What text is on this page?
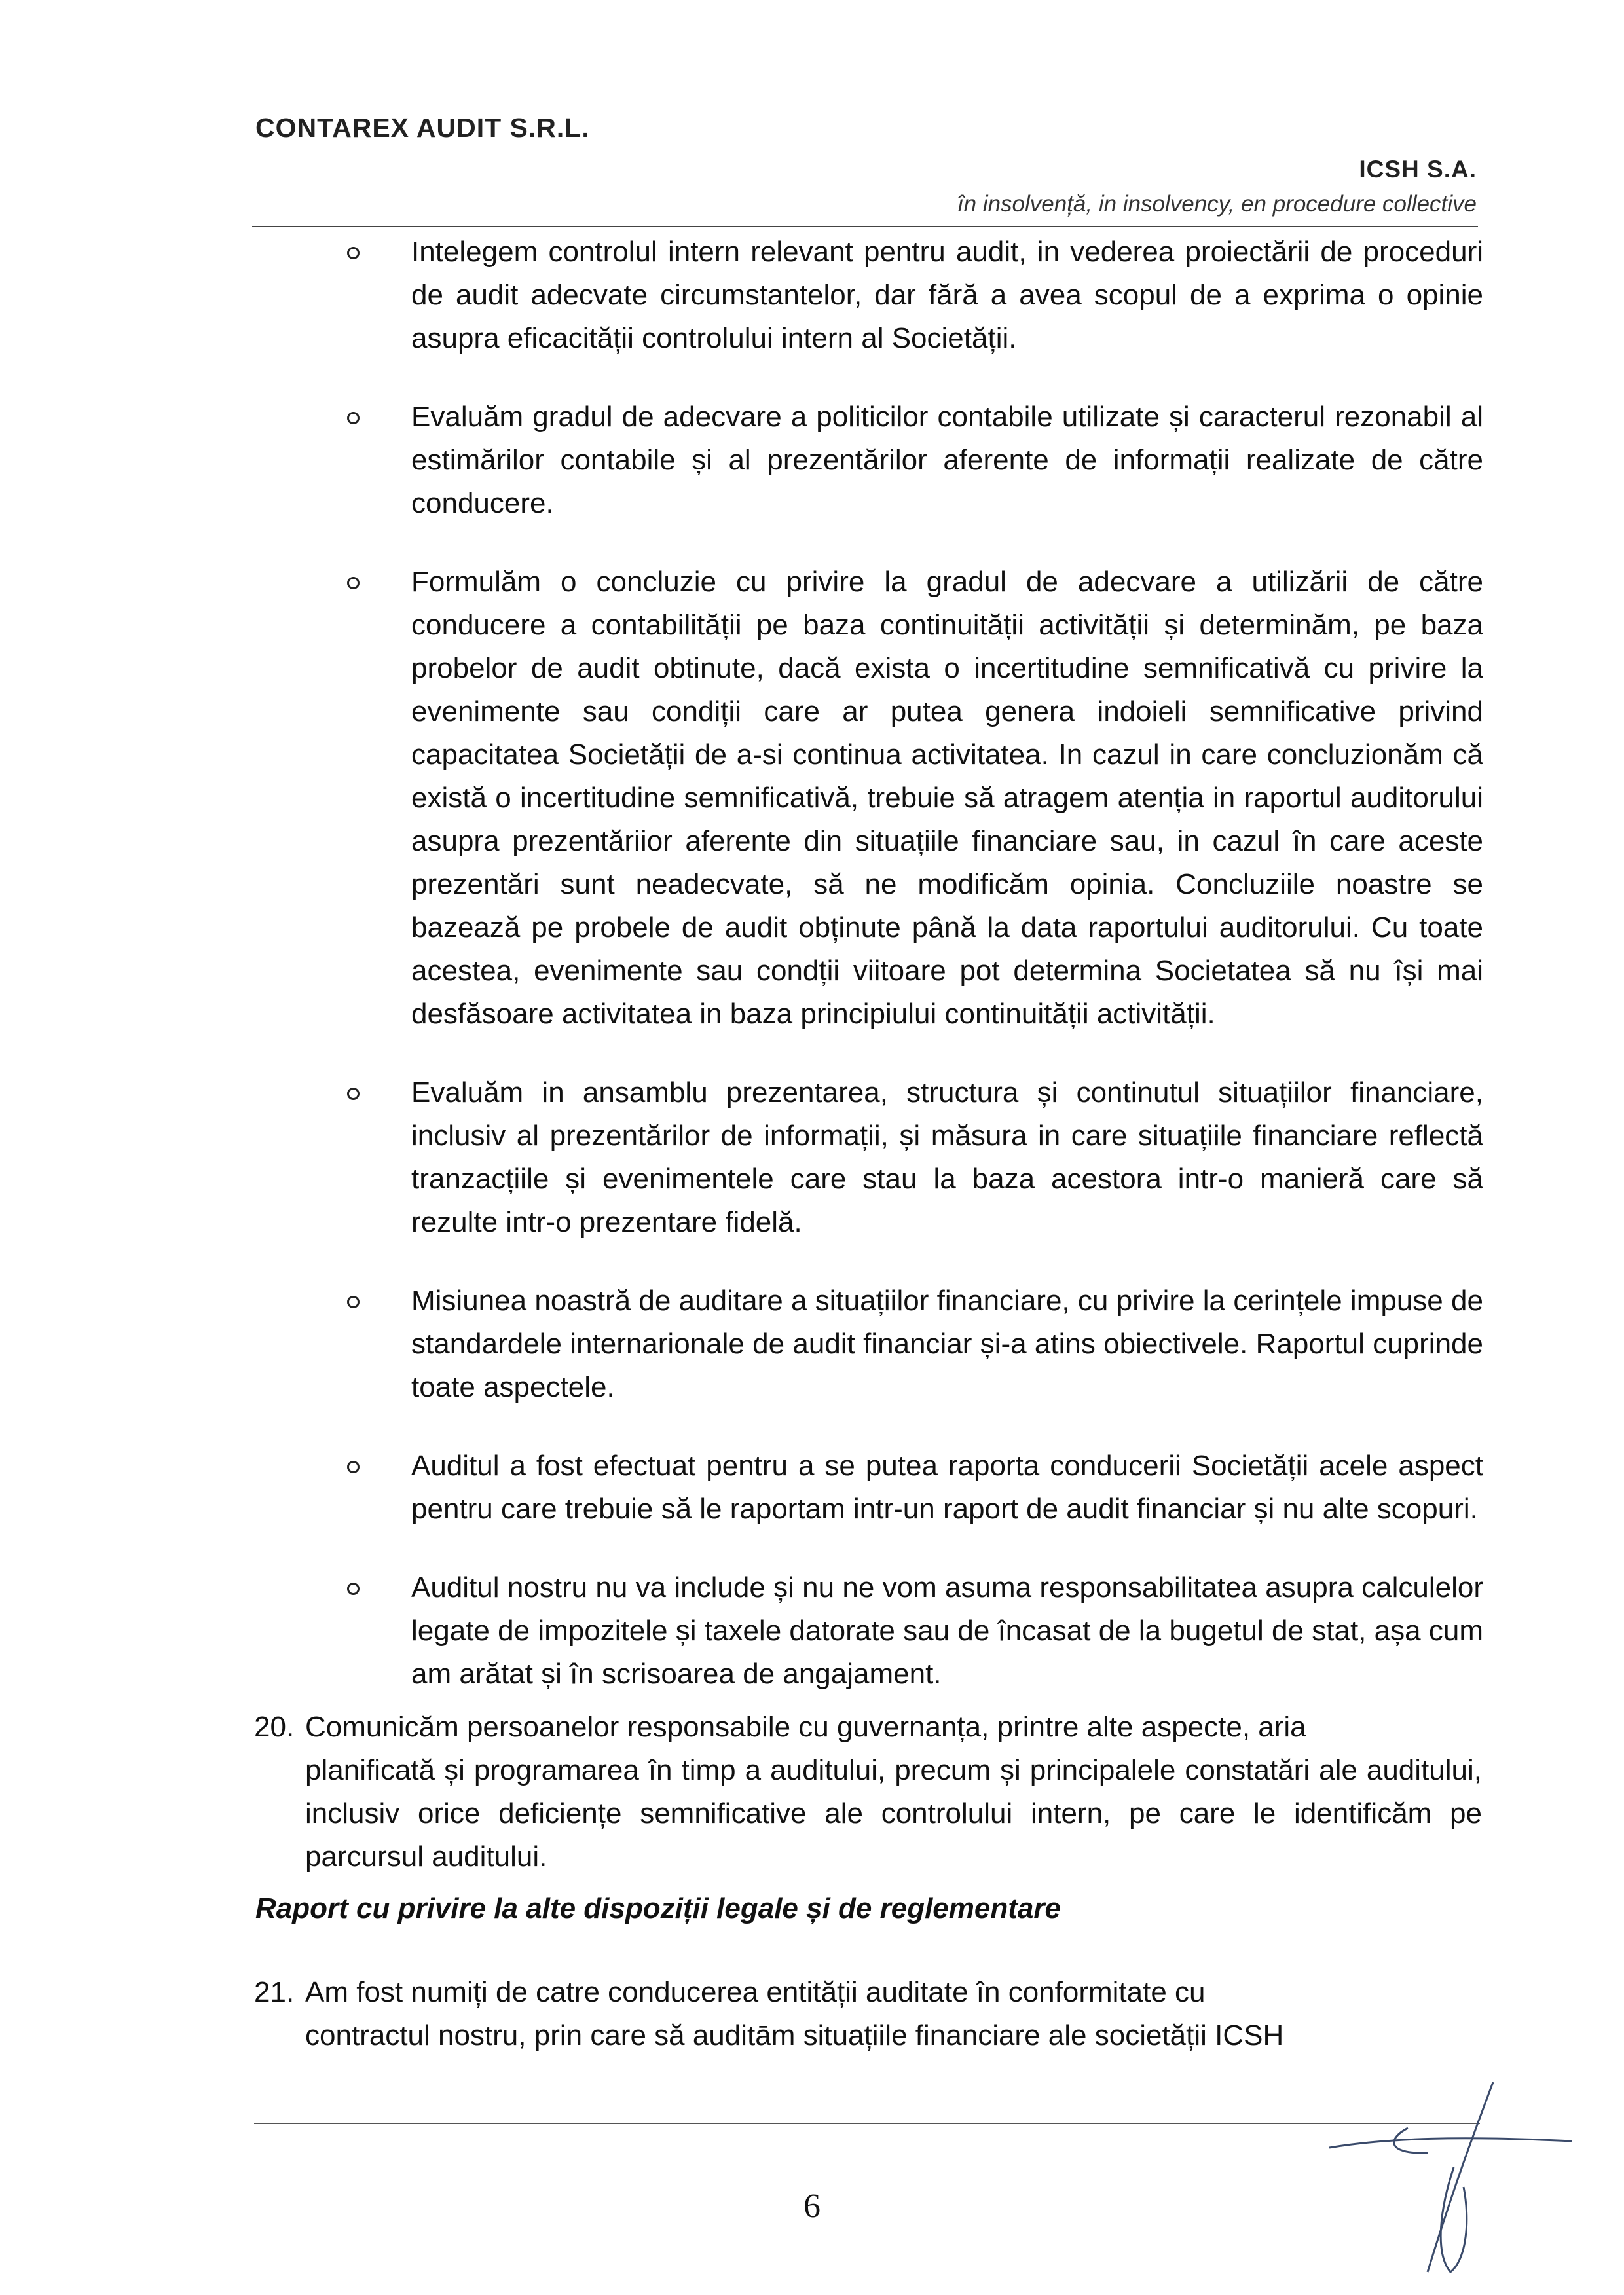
CONTAREX AUDIT S.R.L.
ICSH S.A.
în insolvență, in insolvency, en procedure collective
Intelegem controlul intern relevant pentru audit, in vederea proiectării de proceduri de audit adecvate circumstantelor, dar fără a avea scopul de a exprima o opinie asupra eficacității controlului intern al Societății.
Evaluăm gradul de adecvare a politicilor contabile utilizate și caracterul rezonabil al estimărilor contabile și al prezentărilor aferente de informații realizate de către conducere.
Formulăm o concluzie cu privire la gradul de adecvare a utilizării de către conducere a contabilității pe baza continuității activității și determinăm, pe baza probelor de audit obtinute, dacă exista o incertitudine semnificativă cu privire la evenimente sau condiții care ar putea genera indoieli semnificative privind capacitatea Societății de a-si continua activitatea. In cazul in care concluzionăm că există o incertitudine semnificativă, trebuie să atragem atenția in raportul auditorului asupra prezentăriior aferente din situațiile financiare sau, in cazul în care aceste prezentări sunt neadecvate, să ne modificăm opinia. Concluziile noastre se bazează pe probele de audit obținute până la data raportului auditorului. Cu toate acestea, evenimente sau condții viitoare pot determina Societatea să nu își mai desfăsoare activitatea in baza principiului continuității activității.
Evaluăm in ansamblu prezentarea, structura și continutul situațiilor financiare, inclusiv al prezentărilor de informații, și măsura in care situațiile financiare reflectă tranzacțiile și evenimentele care stau la baza acestora intr-o manieră care să rezulte intr-o prezentare fidelă.
Misiunea noastră de auditare a situațiilor financiare, cu privire la cerințele impuse de standardele internarionale de audit financiar și-a atins obiectivele. Raportul cuprinde toate aspectele.
Auditul a fost efectuat pentru a se putea raporta conducerii Societății acele aspect pentru care trebuie să le raportam intr-un raport de audit financiar și nu alte scopuri.
Auditul nostru nu va include și nu ne vom asuma responsabilitatea asupra calculelor legate de impozitele și taxele datorate sau de încasat de la bugetul de stat, așa cum am arătat și în scrisoarea de angajament.
20. Comunicăm persoanelor responsabile cu guvernanța, printre alte aspecte, aria
planificată și programarea în timp a auditului, precum și principalele constatări ale auditului, inclusiv orice deficiențe semnificative ale controlului intern, pe care le identificăm pe parcursul auditului.
Raport cu privire la alte dispoziții legale și de reglementare
21. Am fost numiți de catre conducerea entității auditate în conformitate cu
contractul nostru, prin care să auditām situațiile financiare ale societății ICSH
6
